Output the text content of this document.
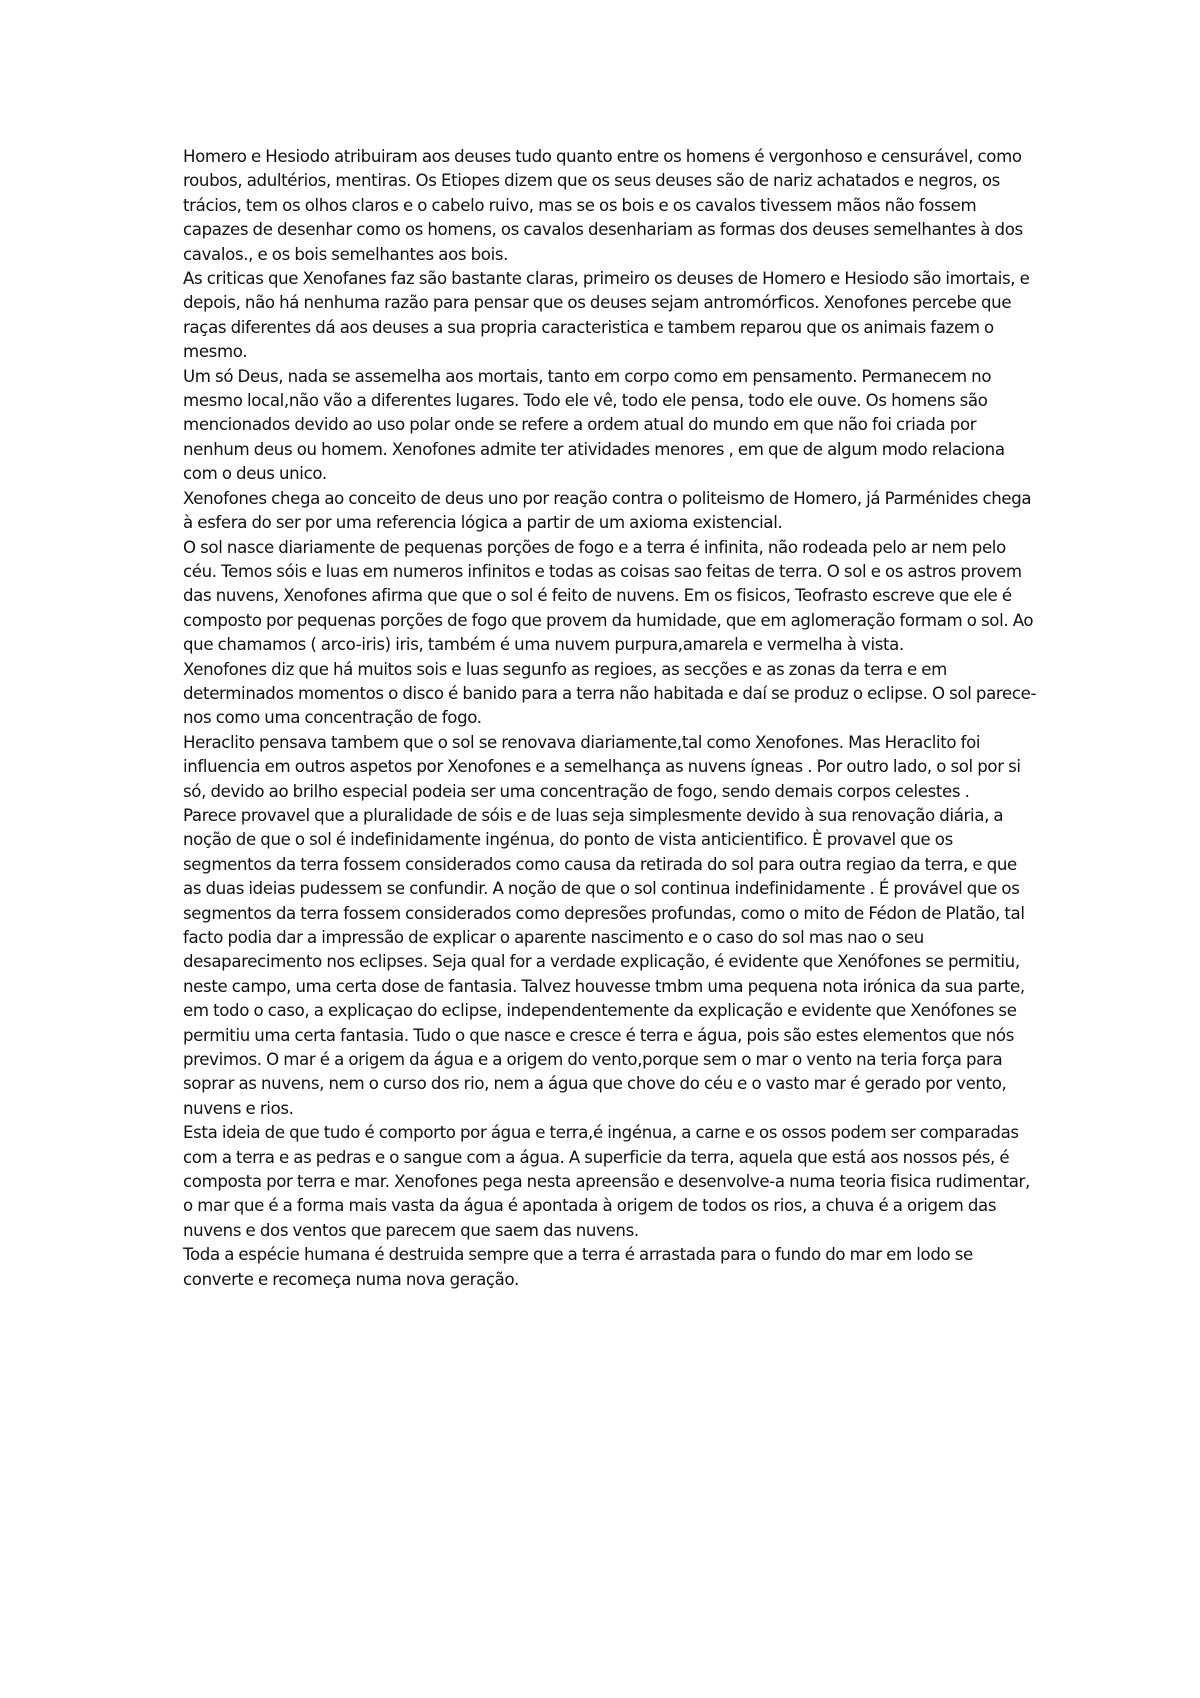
Homero e Hesiodo atribuiram aos deuses tudo quanto entre os homens é vergonhoso e censurável, como roubos, adultérios, mentiras. Os Etiopes dizem que os seus deuses são de nariz achatados e negros, os trácios, tem os olhos claros e o cabelo ruivo, mas se os bois e os cavalos tivessem mãos não fossem capazes de desenhar como os homens, os cavalos desenhariam as formas dos deuses semelhantes à dos cavalos., e os bois semelhantes aos bois.

As criticas que Xenofanes faz são bastante claras, primeiro os deuses de Homero e Hesiodo são imortais, e depois, não há nenhuma razão para pensar que os deuses sejam antromórficos. Xenofones percebe que raças diferentes dá aos deuses a sua propria caracteristica e tambem reparou que os animais fazem o mesmo.

Um só Deus, nada se assemelha aos mortais, tanto em corpo como em pensamento. Permanecem no mesmo local,não vão a diferentes lugares. Todo ele vê, todo ele pensa, todo ele ouve. Os homens são mencionados devido ao uso polar onde se refere a ordem atual do mundo em que não foi criada por nenhum deus ou homem. Xenofones admite ter atividades menores , em que de algum modo relaciona com o deus unico.

Xenofones chega ao conceito de deus uno por reação contra o politeismo de Homero, já Parménides chega à esfera do ser por uma referencia lógica a partir de um axioma existencial.

O sol nasce diariamente de pequenas porções de fogo e a terra é infinita, não rodeada pelo ar nem pelo céu. Temos sóis e luas em numeros infinitos e todas as coisas sao feitas de terra. O sol e os astros provem das nuvens, Xenofones afirma que que o sol é feito de nuvens. Em os fisicos, Teofrasto escreve que ele é composto por pequenas porções de fogo que provem da humidade, que em aglomeração formam o sol. Ao que chamamos ( arco-iris) iris, também é uma nuvem purpura,amarela e vermelha à vista.

Xenofones diz que há muitos sois e luas segunfo as regioes, as secções e as zonas da terra e em determinados momentos o disco é banido para a terra não habitada e daí se produz o eclipse. O sol parece-nos como uma concentração de fogo.

Heraclito pensava tambem que o sol se renovava diariamente,tal como Xenofones. Mas Heraclito foi influencia em outros aspetos por Xenofones e a semelhança as nuvens ígneas . Por outro lado, o sol por si só, devido ao brilho especial podeia ser uma concentração de fogo, sendo demais corpos celestes .

Parece provavel que a pluralidade de sóis e de luas seja simplesmente devido à sua renovação diária, a noção de que o sol é indefinidamente ingénua, do ponto de vista anticientifico. È provavel que os segmentos da terra fossem considerados como causa da retirada do sol para outra regiao da terra, e que as duas ideias pudessem se confundir. A noção de que o sol continua indefinidamente . É provável que os segmentos da terra fossem considerados como depresões profundas, como o mito de Fédon de Platão, tal facto podia dar a impressão de explicar o aparente nascimento e o caso do sol mas nao o seu desaparecimento nos eclipses. Seja qual for a verdade explicação, é evidente que Xenófones se permitiu, neste campo, uma certa dose de fantasia. Talvez houvesse tmbm uma pequena nota irónica da sua parte, em todo o caso, a explicaçao do eclipse, independentemente da explicação e evidente que Xenófones se permitiu uma certa fantasia. Tudo o que nasce e cresce é terra e água, pois são estes elementos que nós previmos. O mar é a origem da água e a origem do vento,porque sem o mar o vento na teria força para soprar as nuvens, nem o curso dos rio, nem a água que chove do céu e o vasto mar é gerado por vento, nuvens e rios.

Esta ideia de que tudo é comporto por água e terra,é ingénua, a carne e os ossos podem ser comparadas com a terra e as pedras e o sangue com a água. A superficie da terra, aquela que está aos nossos pés, é composta por terra e mar. Xenofones pega nesta apreensão e desenvolve-a numa teoria fisica rudimentar, o mar que é a forma mais vasta da água é apontada à origem de todos os rios, a chuva é a origem das nuvens e dos ventos que parecem que saem das nuvens.

Toda a espécie humana é destruida sempre que a terra é arrastada para o fundo do mar em lodo se converte e recomeça numa nova geração.
